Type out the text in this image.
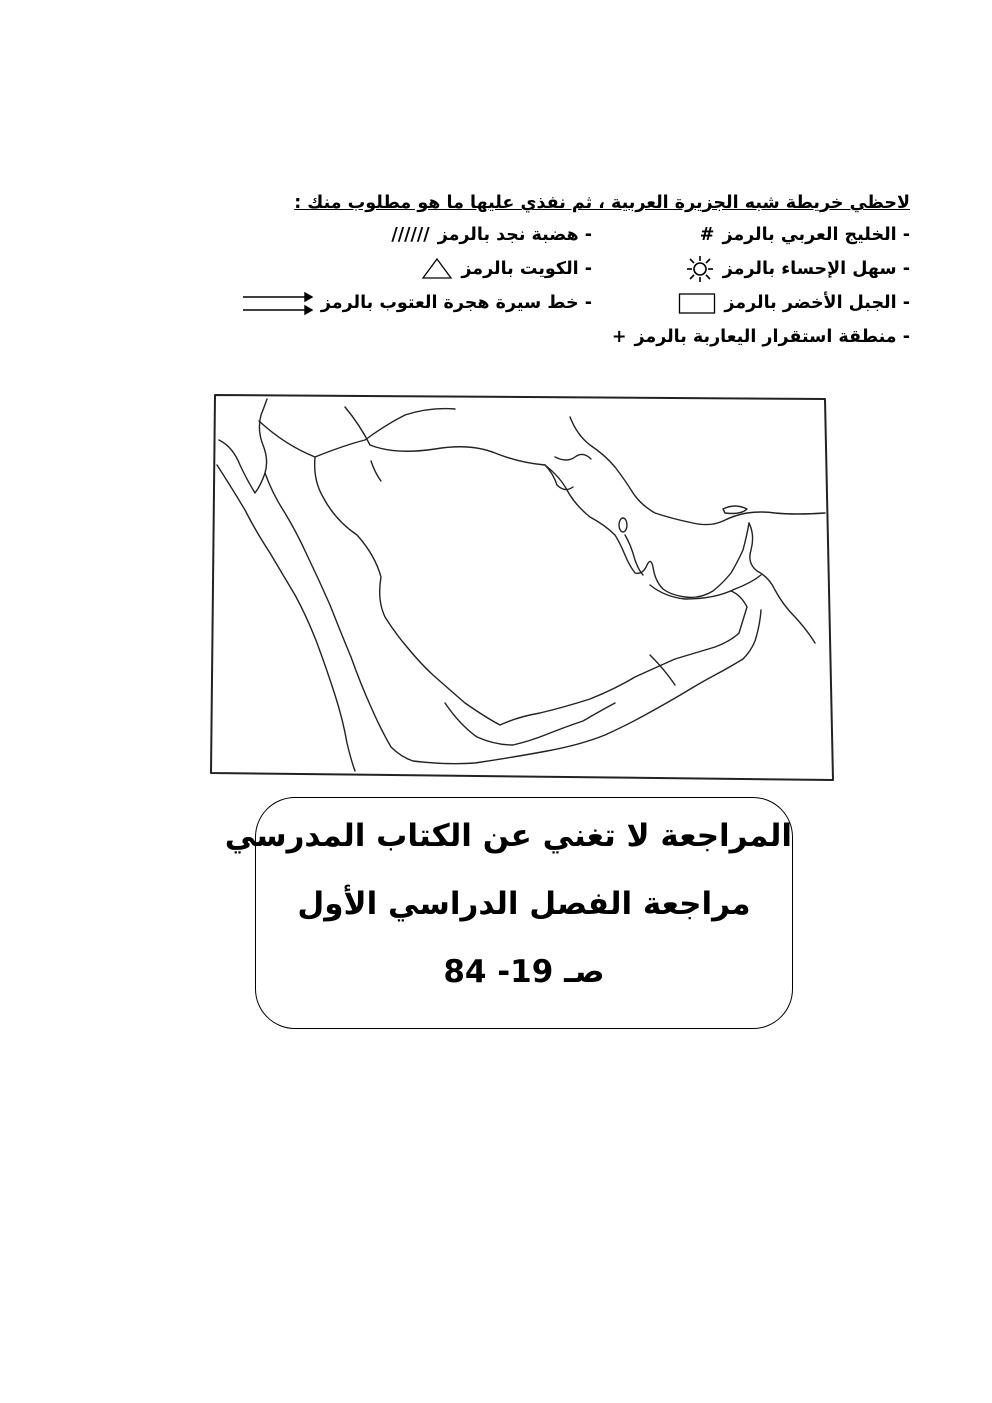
لاحظي خريطة شبه الجزيرة العربية ، ثم نفذي عليها ما هو مطلوب منك :
- الخليج العربي بالرمز
#
- هضبة نجد بالرمز
//////
- سهل الإحساء بالرمز
- الكويت بالرمز
- الجبل الأخضر بالرمز
- خط سيرة هجرة العتوب بالرمز
- منطقة استقرار اليعاربة بالرمز
+
المراجعة لا تغني عن الكتاب المدرسي
مراجعة الفصل الدراسي الأول
صـ 19- 84
